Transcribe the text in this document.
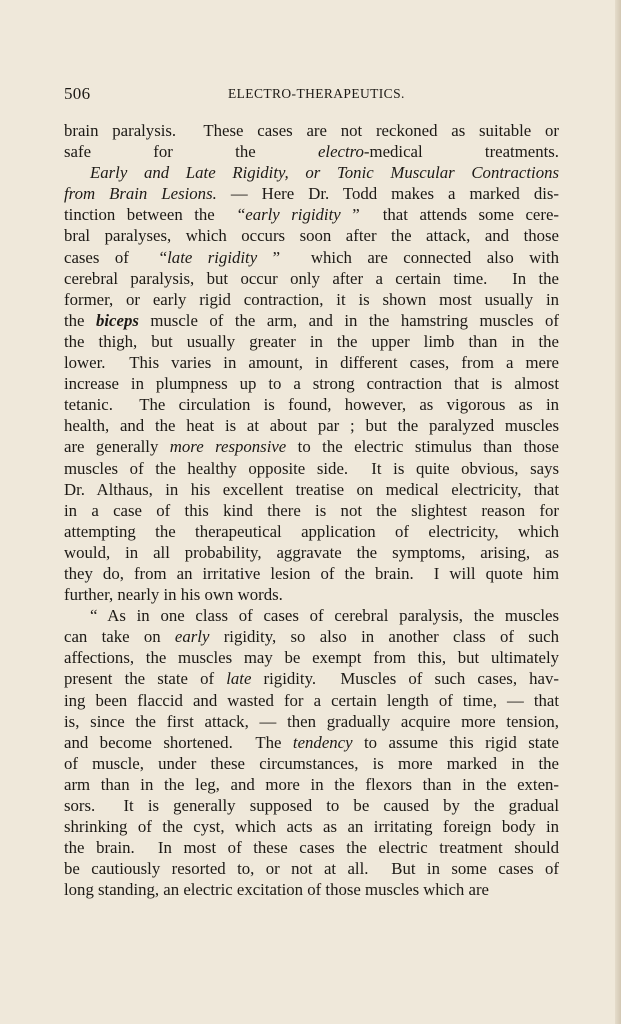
506	ELECTRO-THERAPEUTICS.
brain paralysis.  These cases are not reckoned as suitable or
safe for the electro-medical treatments.
Early and Late Rigidity, or Tonic Muscular Contractions
from Brain Lesions. — Here Dr. Todd makes a marked dis-
tinction between the  “early rigidity ”  that attends some cere-
bral paralyses, which occurs soon after the attack, and those
cases of  “late rigidity ”  which are connected also with
cerebral paralysis, but occur only after a certain time.  In the
former, or early rigid contraction, it is shown most usually in
the biceps muscle of the arm, and in the hamstring muscles of
the thigh, but usually greater in the upper limb than in the
lower.  This varies in amount, in different cases, from a mere
increase in plumpness up to a strong contraction that is almost
tetanic.  The circulation is found, however, as vigorous as in
health, and the heat is at about par ; but the paralyzed muscles
are generally more responsive to the electric stimulus than those
muscles of the healthy opposite side.  It is quite obvious, says
Dr. Althaus, in his excellent treatise on medical electricity, that
in a case of this kind there is not the slightest reason for
attempting the therapeutical application of electricity, which
would, in all probability, aggravate the symptoms, arising, as
they do, from an irritative lesion of the brain.  I will quote him
further, nearly in his own words.
“ As in one class of cases of cerebral paralysis, the muscles
can take on early rigidity, so also in another class of such
affections, the muscles may be exempt from this, but ultimately
present the state of late rigidity.  Muscles of such cases, hav-
ing been flaccid and wasted for a certain length of time, — that
is, since the first attack, — then gradually acquire more tension,
and become shortened.  The tendency to assume this rigid state
of muscle, under these circumstances, is more marked in the
arm than in the leg, and more in the flexors than in the exten-
sors.  It is generally supposed to be caused by the gradual
shrinking of the cyst, which acts as an irritating foreign body in
the brain.  In most of these cases the electric treatment should
be cautiously resorted to, or not at all.  But in some cases of
long standing, an electric excitation of those muscles which are
